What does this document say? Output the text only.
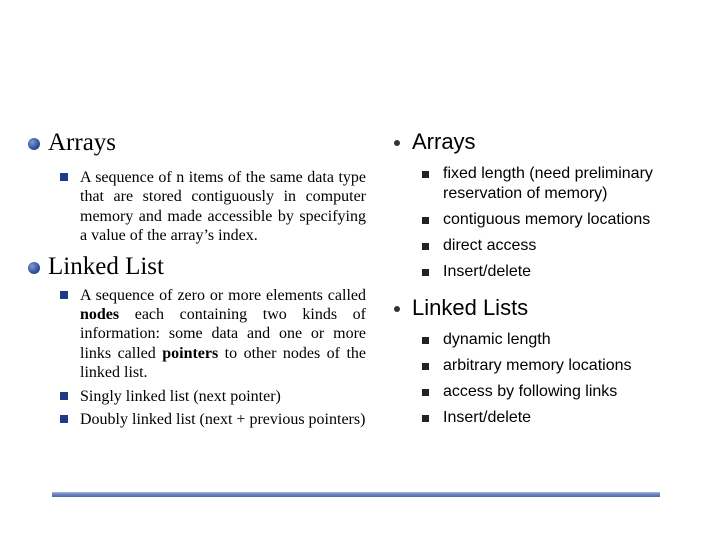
Arrays
A sequence of n items of the same data type that are stored contiguously in computer memory and made accessible by specifying a value of the array’s index.
Linked List
A sequence of zero or more elements called nodes each containing two kinds of information: some data and one or more links called pointers to other nodes of the linked list.
Singly linked list (next pointer)
Doubly linked list (next + previous pointers)
Arrays
fixed length (need preliminary reservation of memory)
contiguous memory locations
direct access
Insert/delete
Linked Lists
dynamic length
arbitrary memory locations
access by following links
Insert/delete
